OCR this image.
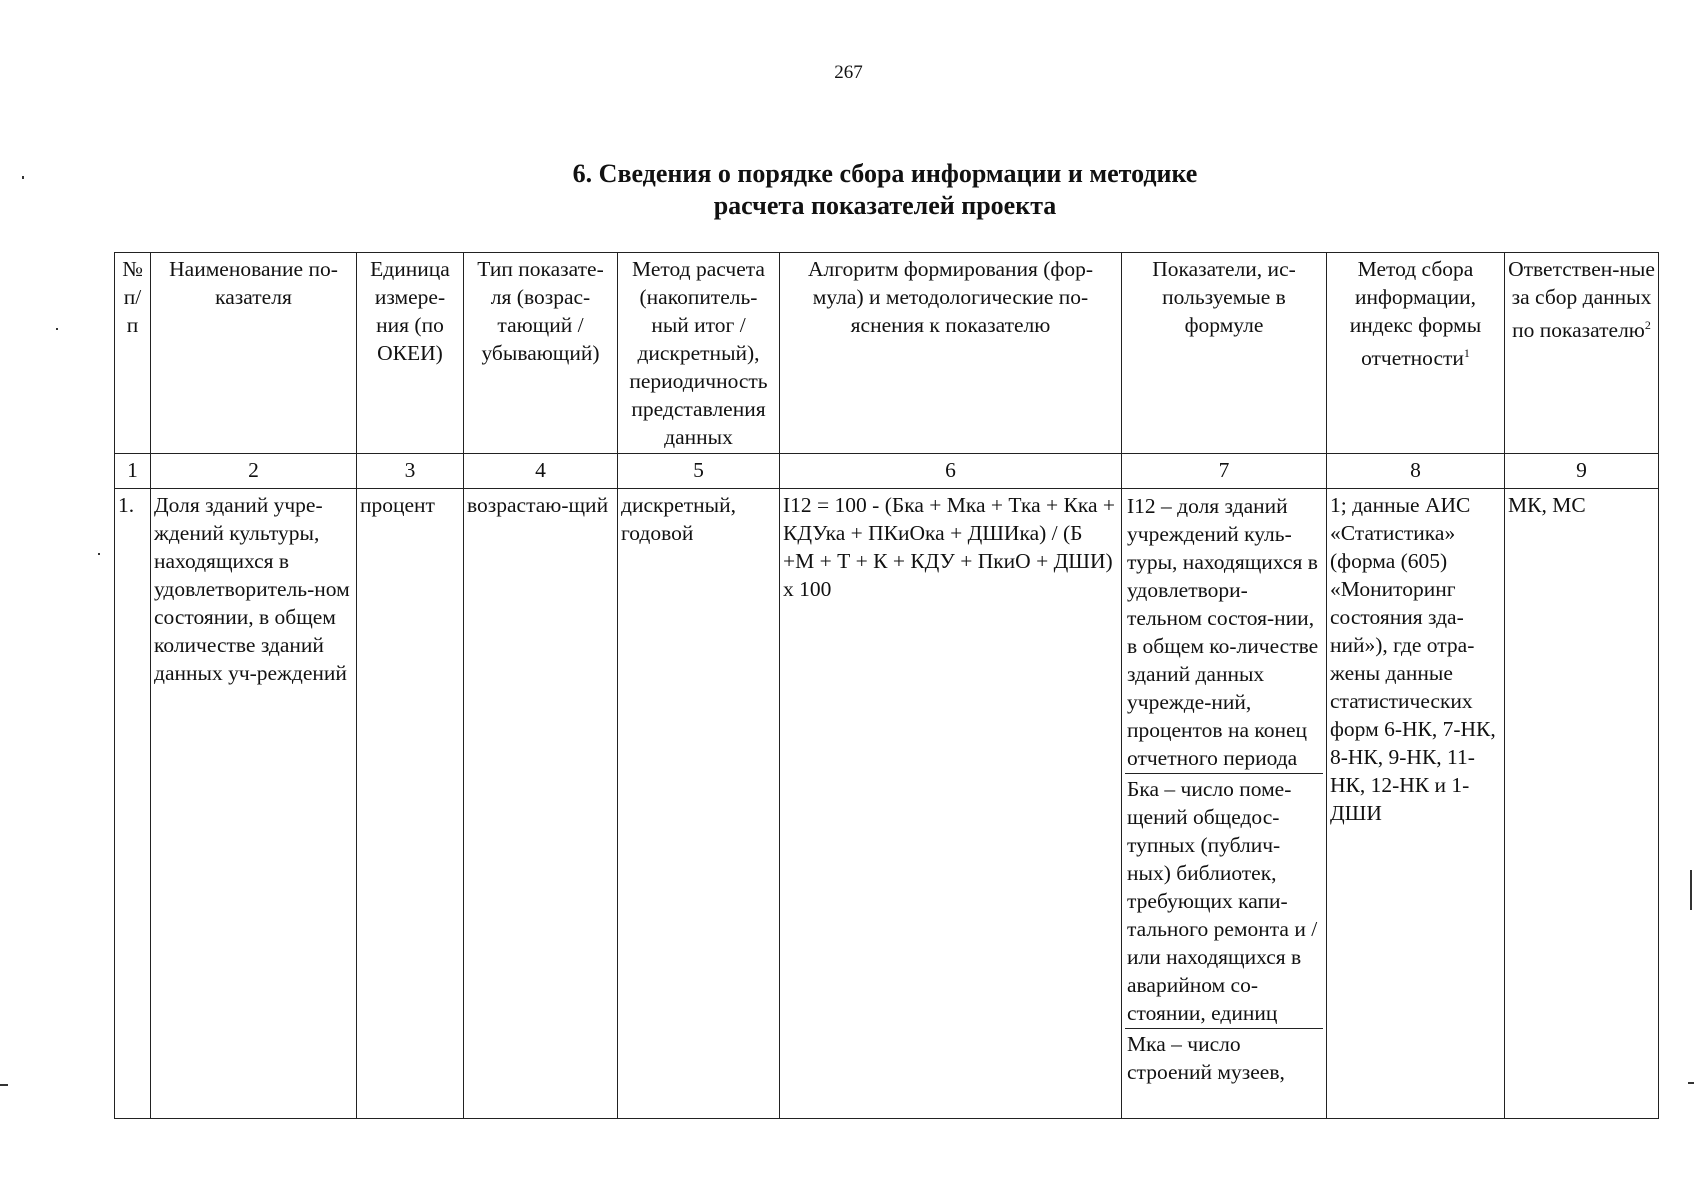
267
6. Сведения о порядке сбора информации и методике
расчета показателей проекта
№ п/ п	Наименование по-казателя	Единица измере-ния (по ОКЕИ)	Тип показате-ля (возрас-тающий / убывающий)	Метод расчета (накопитель-ный итог / дискретный), периодичность представления данных	Алгоритм формирования (фор-мула) и методологические по-яснения к показателю	Показатели, ис-пользуемые в формуле	Метод сбора информации, индекс формы отчетности$^1$	Ответствен-ные за сбор данных по показателю$^2$
1	2	3	4	5	6	7	8	9
1.	Доля зданий учре-ждений культуры, находящихся в удовлетворитель-ном состоянии, в общем количестве зданий данных уч-реждений	процент	возрастаю-щий	дискретный, годовой	I12 = 100 - (Бка + Мка + Тка + Кка + КДУка + ПКиОка + ДШИка) / (Б +М + Т + К + КДУ + ПкиО + ДШИ) х 100	I12 – доля зданий учреждений куль-туры, находящихся в удовлетвори-тельном состоя-нии, в общем ко-личестве зданий данных учрежде-ний, процентов на конец отчетного периода
Бка – число поме-щений общедос-тупных (публич-ных) библиотек, требующих капи-тального ремонта и /или находящихся в аварийном со-стоянии, единиц
Мка – число строений музеев,	1; данные АИС «Статистика» (форма (605) «Мониторинг состояния зда-ний»), где отра-жены данные статистических форм 6-НК, 7-НК, 8-НК, 9-НК, 11-НК, 12-НК и 1-ДШИ	МК, МС
